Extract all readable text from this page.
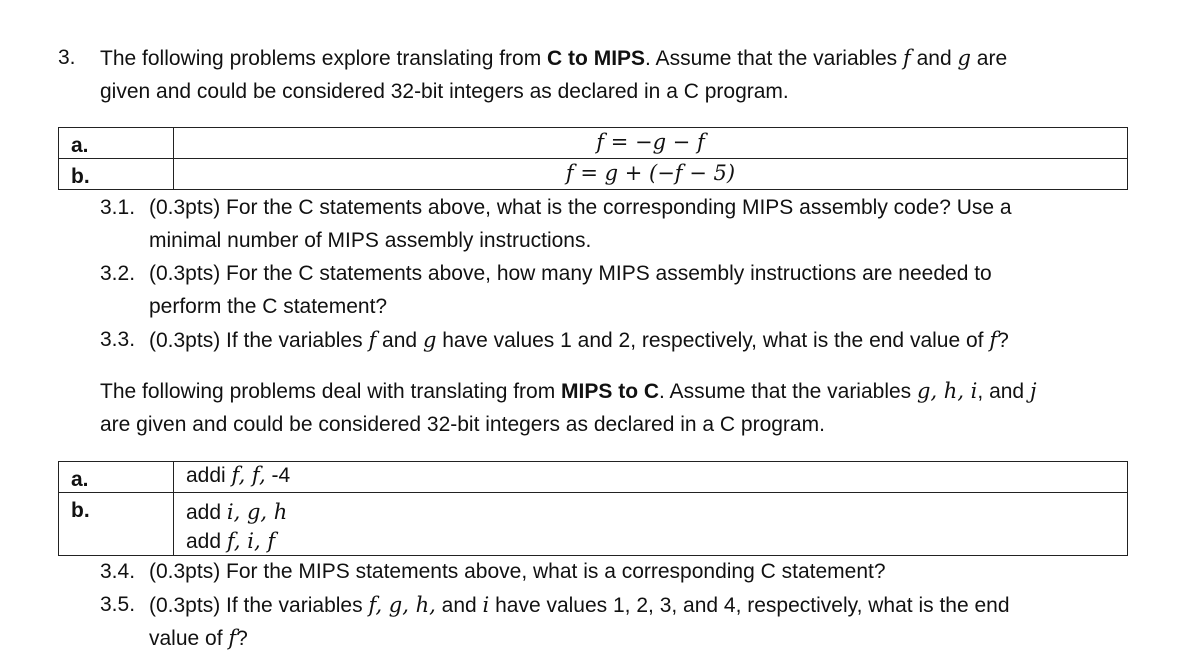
3. The following problems explore translating from C to MIPS. Assume that the variables f and g are
given and could be considered 32-bit integers as declared in a C program.
a.	f = −g − f
b.	f = g + (−f − 5)
3.1. (0.3pts) For the C statements above, what is the corresponding MIPS assembly code? Use a
minimal number of MIPS assembly instructions.
3.2. (0.3pts) For the C statements above, how many MIPS assembly instructions are needed to
perform the C statement?
3.3. (0.3pts) If the variables f and g have values 1 and 2, respectively, what is the end value of f?
The following problems deal with translating from MIPS to C. Assume that the variables g, h, i, and j
are given and could be considered 32-bit integers as declared in a C program.
a.	addi f, f, -4

b.	add i, g, h
add f, i, f
3.4. (0.3pts) For the MIPS statements above, what is a corresponding C statement?
3.5. (0.3pts) If the variables f, g, h, and i have values 1, 2, 3, and 4, respectively, what is the end
value of f?
